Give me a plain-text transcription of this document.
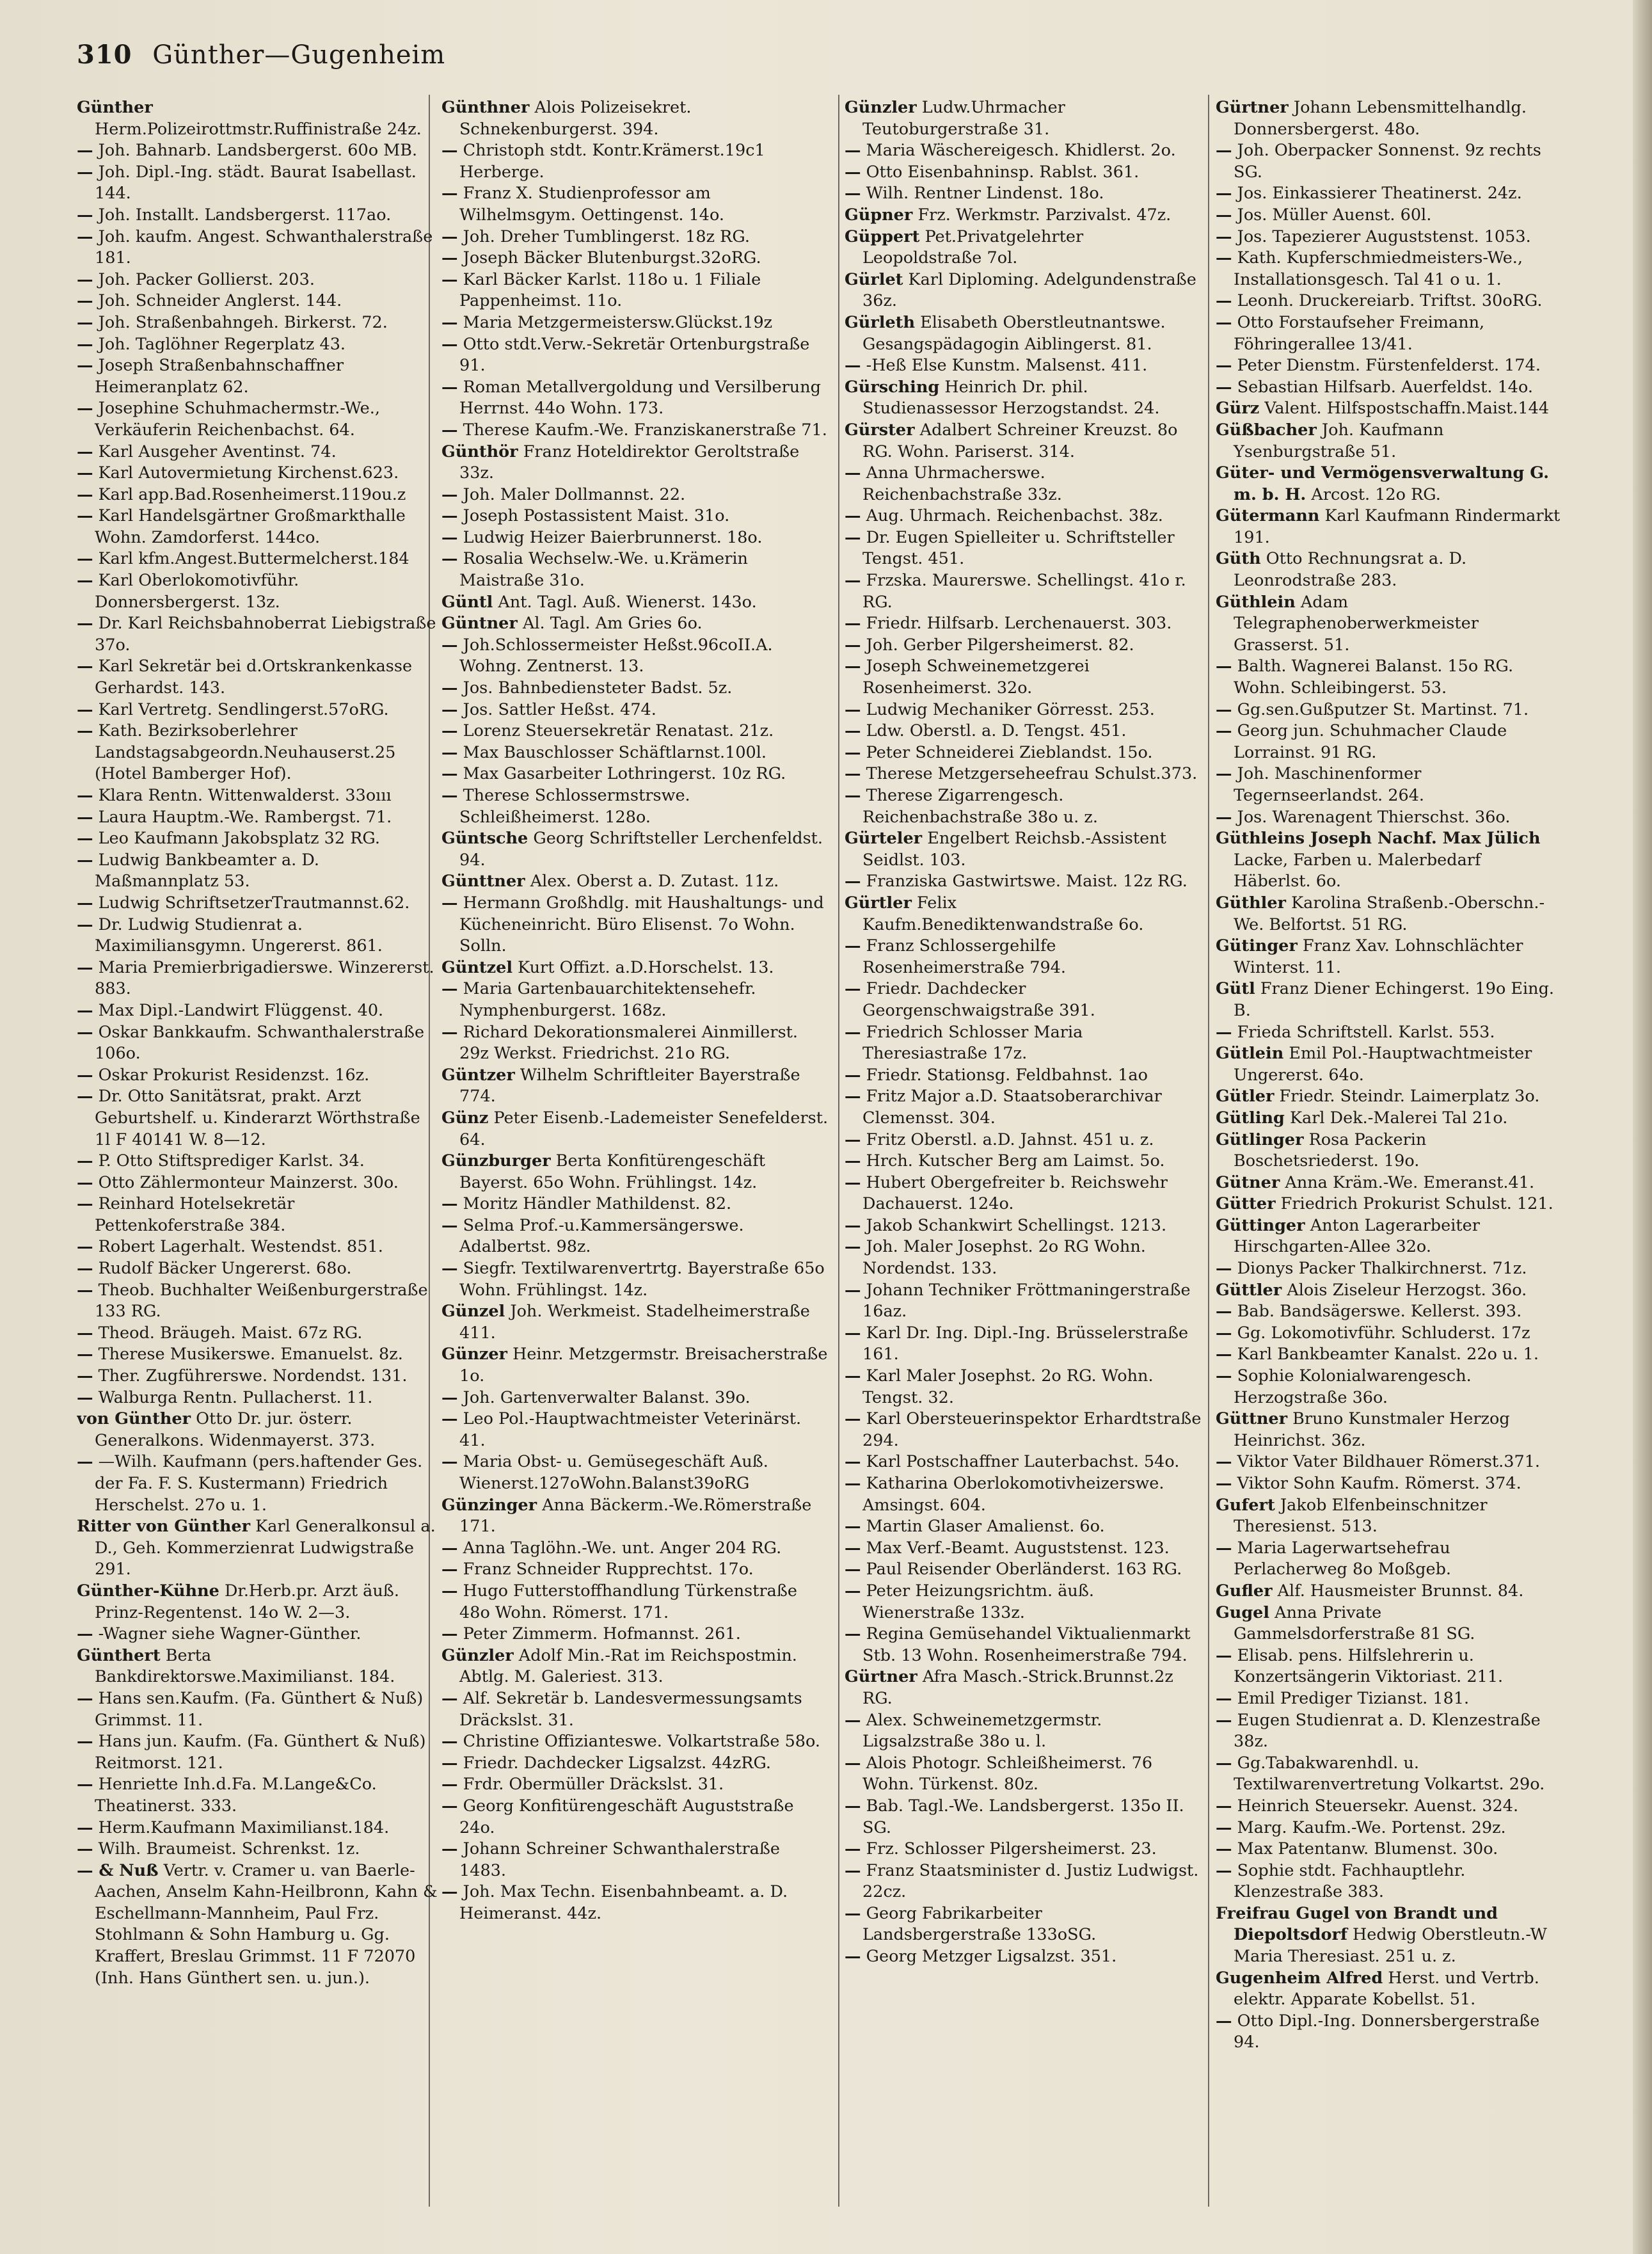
310 Günther—Gugenheim

Günther Herm.Polizeirottmstr.Ruffinistraße 24z.

— Joh. Bahnarb. Landsbergerst. 60o MB.

— Joh. Dipl.-Ing. städt. Baurat Isabellast. 144.

— Joh. Installt. Landsbergerst. 117ao.

— Joh. kaufm. Angest. Schwanthalerstraße 181.

— Joh. Packer Gollierst. 203.

— Joh. Schneider Anglerst. 144.

— Joh. Straßenbahngeh. Birkerst. 72.

— Joh. Taglöhner Regerplatz 43.

— Joseph Straßenbahnschaffner Heimeranplatz 62.

— Josephine Schuhmachermstr.-We., Verkäuferin Reichenbachst. 64.

— Karl Ausgeher Aventinst. 74.

— Karl Autovermietung Kirchenst.623.

— Karl app.Bad.Rosenheimerst.119ou.z

— Karl Handelsgärtner Großmarkthalle Wohn. Zamdorferst. 144co.

— Karl kfm.Angest.Buttermelcherst.184

— Karl Oberlokomotivführ. Donnersbergerst. 13z.

— Dr. Karl Reichsbahnoberrat Liebigstraße 37o.

— Karl Sekretär bei d.Ortskrankenkasse Gerhardst. 143.

— Karl Vertretg. Sendlingerst.57oRG.

— Kath. Bezirksoberlehrer Landstagsabgeordn.Neuhauserst.25 (Hotel Bamberger Hof).

— Klara Rentn. Wittenwalderst. 33oııı

— Laura Hauptm.-We. Rambergst. 71.

— Leo Kaufmann Jakobsplatz 32 RG.

— Ludwig Bankbeamter a. D. Maßmannplatz 53.

— Ludwig SchriftsetzerTrautmannst.62.

— Dr. Ludwig Studienrat a. Maximiliansgymn. Ungererst. 861.

— Maria Premierbrigadierswe. Winzererst. 883.

— Max Dipl.-Landwirt Flüggenst. 40.

— Oskar Bankkaufm. Schwanthalerstraße 106o.

— Oskar Prokurist Residenzst. 16z.

— Dr. Otto Sanitätsrat, prakt. Arzt Geburtshelf. u. Kinderarzt Wörthstraße 1l F 40141 W. 8—12.

— P. Otto Stiftsprediger Karlst. 34.

— Otto Zählermonteur Mainzerst. 30o.

— Reinhard Hotelsekretär Pettenkoferstraße 384.

— Robert Lagerhalt. Westendst. 851.

— Rudolf Bäcker Ungererst. 68o.

— Theob. Buchhalter Weißenburgerstraße 133 RG.

— Theod. Bräugeh. Maist. 67z RG.

— Therese Musikerswe. Emanuelst. 8z.

— Ther. Zugführerswe. Nordendst. 131.

— Walburga Rentn. Pullacherst. 11.

von Günther Otto Dr. jur. österr. Generalkons. Widenmayerst. 373.

— —Wilh. Kaufmann (pers.haftender Ges. der Fa. F. S. Kustermann) Friedrich Herschelst. 27o u. 1.

Ritter von Günther Karl Generalkonsul a. D., Geh. Kommerzienrat Ludwigstraße 291.

Günther-Kühne Dr.Herb.pr. Arzt äuß. Prinz-Regentenst. 14o W. 2—3.

— -Wagner siehe Wagner-Günther.

Günthert Berta Bankdirektorswe.Maximilianst. 184.

— Hans sen.Kaufm. (Fa. Günthert & Nuß) Grimmst. 11.

— Hans jun. Kaufm. (Fa. Günthert & Nuß) Reitmorst. 121.

— Henriette Inh.d.Fa. M.Lange&Co. Theatinerst. 333.

— Herm.Kaufmann Maximilianst.184.

— Wilh. Braumeist. Schrenkst. 1z.

— & Nuß Vertr. v. Cramer u. van Baerle-Aachen, Anselm Kahn-Heilbronn, Kahn & Eschellmann-Mannheim, Paul Frz. Stohlmann & Sohn Hamburg u. Gg. Kraffert, Breslau Grimmst. 11 F 72070 (Inh. Hans Günthert sen. u. jun.).

Günthner Alois Polizeisekret. Schnekenburgerst. 394.

— Christoph stdt. Kontr.Krämerst.19c1 Herberge.

— Franz X. Studienprofessor am Wilhelmsgym. Oettingenst. 14o.

— Joh. Dreher Tumblingerst. 18z RG.

— Joseph Bäcker Blutenburgst.32oRG.

— Karl Bäcker Karlst. 118o u. 1 Filiale Pappenheimst. 11o.

— Maria Metzgermeistersw.Glückst.19z

— Otto stdt.Verw.-Sekretär Ortenburgstraße 91.

— Roman Metallvergoldung und Versilberung Herrnst. 44o Wohn. 173.

— Therese Kaufm.-We. Franziskanerstraße 71.

Günthör Franz Hoteldirektor Geroltstraße 33z.

— Joh. Maler Dollmannst. 22.

— Joseph Postassistent Maist. 31o.

— Ludwig Heizer Baierbrunnerst. 18o.

— Rosalia Wechselw.-We. u.Krämerin Maistraße 31o.

Güntl Ant. Tagl. Auß. Wienerst. 143o.

Güntner Al. Tagl. Am Gries 6o.

— Joh.Schlossermeister Heßst.96coII.A. Wohng. Zentnerst. 13.

— Jos. Bahnbediensteter Badst. 5z.

— Jos. Sattler Heßst. 474.

— Lorenz Steuersekretär Renatast. 21z.

— Max Bauschlosser Schäftlarnst.100l.

— Max Gasarbeiter Lothringerst. 10z RG.

— Therese Schlossermstrswe. Schleißheimerst. 128o.

Güntsche Georg Schriftsteller Lerchenfeldst. 94.

Günttner Alex. Oberst a. D. Zutast. 11z.

— Hermann Großhdlg. mit Haushaltungs- und Kücheneinricht. Büro Elisenst. 7o Wohn. Solln.

Güntzel Kurt Offizt. a.D.Horschelst. 13.

— Maria Gartenbauarchitektensehefr. Nymphenburgerst. 168z.

— Richard Dekorationsmalerei Ainmillerst. 29z Werkst. Friedrichst. 21o RG.

Güntzer Wilhelm Schriftleiter Bayerstraße 774.

Günz Peter Eisenb.-Lademeister Senefelderst. 64.

Günzburger Berta Konfitürengeschäft Bayerst. 65o Wohn. Frühlingst. 14z.

— Moritz Händler Mathildenst. 82.

— Selma Prof.-u.Kammersängerswe. Adalbertst. 98z.

— Siegfr. Textilwarenvertrtg. Bayerstraße 65o Wohn. Frühlingst. 14z.

Günzel Joh. Werkmeist. Stadelheimerstraße 411.

Günzer Heinr. Metzgermstr. Breisacherstraße 1o.

— Joh. Gartenverwalter Balanst. 39o.

— Leo Pol.-Hauptwachtmeister Veterinärst. 41.

— Maria Obst- u. Gemüsegeschäft Auß. Wienerst.127oWohn.Balanst39oRG

Günzinger Anna Bäckerm.-We.Römerstraße 171.

— Anna Taglöhn.-We. unt. Anger 204 RG.

— Franz Schneider Rupprechtst. 17o.

— Hugo Futterstoffhandlung Türkenstraße 48o Wohn. Römerst. 171.

— Peter Zimmerm. Hofmannst. 261.

Günzler Adolf Min.-Rat im Reichspostmin. Abtlg. M. Galeriest. 313.

— Alf. Sekretär b. Landesvermessungsamts Dräckslst. 31.

— Christine Offizianteswe. Volkartstraße 58o.

— Friedr. Dachdecker Ligsalzst. 44zRG.

— Frdr. Obermüller Dräckslst. 31.

— Georg Konfitürengeschäft Auguststraße 24o.

— Johann Schreiner Schwanthalerstraße 1483.

— Joh. Max Techn. Eisenbahnbeamt. a. D. Heimeranst. 44z.

Günzler Ludw.Uhrmacher Teutoburgerstraße 31.

— Maria Wäschereigesch. Khidlerst. 2o.

— Otto Eisenbahninsp. Rablst. 361.

— Wilh. Rentner Lindenst. 18o.

Güpner Frz. Werkmstr. Parzivalst. 47z.

Güppert Pet.Privatgelehrter Leopoldstraße 7ol.

Gürlet Karl Diploming. Adelgundenstraße 36z.

Gürleth Elisabeth Oberstleutnantswe. Gesangspädagogin Aiblingerst. 81.

— -Heß Else Kunstm. Malsenst. 411.

Gürsching Heinrich Dr. phil. Studienassessor Herzogstandst. 24.

Gürster Adalbert Schreiner Kreuzst. 8o RG. Wohn. Pariserst. 314.

— Anna Uhrmacherswe. Reichenbachstraße 33z.

— Aug. Uhrmach. Reichenbachst. 38z.

— Dr. Eugen Spielleiter u. Schriftsteller Tengst. 451.

— Frzska. Maurerswe. Schellingst. 41o r. RG.

— Friedr. Hilfsarb. Lerchenauerst. 303.

— Joh. Gerber Pilgersheimerst. 82.

— Joseph Schweinemetzgerei Rosenheimerst. 32o.

— Ludwig Mechaniker Görresst. 253.

— Ldw. Oberstl. a. D. Tengst. 451.

— Peter Schneiderei Zieblandst. 15o.

— Therese Metzgerseheefrau Schulst.373.

— Therese Zigarrengesch. Reichenbachstraße 38o u. z.

Gürteler Engelbert Reichsb.-Assistent Seidlst. 103.

— Franziska Gastwirtswe. Maist. 12z RG.

Gürtler Felix Kaufm.Benediktenwandstraße 6o.

— Franz Schlossergehilfe Rosenheimerstraße 794.

— Friedr. Dachdecker Georgenschwaigstraße 391.

— Friedrich Schlosser Maria Theresiastraße 17z.

— Friedr. Stationsg. Feldbahnst. 1ao

— Fritz Major a.D. Staatsoberarchivar Clemensst. 304.

— Fritz Oberstl. a.D. Jahnst. 451 u. z.

— Hrch. Kutscher Berg am Laimst. 5o.

— Hubert Obergefreiter b. Reichswehr Dachauerst. 124o.

— Jakob Schankwirt Schellingst. 1213.

— Joh. Maler Josephst. 2o RG Wohn. Nordendst. 133.

— Johann Techniker Fröttmaningerstraße 16az.

— Karl Dr. Ing. Dipl.-Ing. Brüsselerstraße 161.

— Karl Maler Josephst. 2o RG. Wohn. Tengst. 32.

— Karl Obersteuerinspektor Erhardtstraße 294.

— Karl Postschaffner Lauterbachst. 54o.

— Katharina Oberlokomotivheizerswe. Amsingst. 604.

— Martin Glaser Amalienst. 6o.

— Max Verf.-Beamt. Auguststenst. 123.

— Paul Reisender Oberländerst. 163 RG.

— Peter Heizungsrichtm. äuß. Wienerstraße 133z.

— Regina Gemüsehandel Viktualienmarkt Stb. 13 Wohn. Rosenheimerstraße 794.

Gürtner Afra Masch.-Strick.Brunnst.2z RG.

— Alex. Schweinemetzgermstr. Ligsalzstraße 38o u. l.

— Alois Photogr. Schleißheimerst. 76 Wohn. Türkenst. 80z.

— Bab. Tagl.-We. Landsbergerst. 135o II. SG.

— Frz. Schlosser Pilgersheimerst. 23.

— Franz Staatsminister d. Justiz Ludwigst. 22cz.

— Georg Fabrikarbeiter Landsbergerstraße 133oSG.

— Georg Metzger Ligsalzst. 351.

Gürtner Johann Lebensmittelhandlg. Donnersbergerst. 48o.

— Joh. Oberpacker Sonnenst. 9z rechts SG.

— Jos. Einkassierer Theatinerst. 24z.

— Jos. Müller Auenst. 60l.

— Jos. Tapezierer Auguststenst. 1053.

— Kath. Kupferschmiedmeisters-We., Installationsgesch. Tal 41 o u. 1.

— Leonh. Druckereiarb. Triftst. 30oRG.

— Otto Forstaufseher Freimann, Föhringerallee 13/41.

— Peter Dienstm. Fürstenfelderst. 174.

— Sebastian Hilfsarb. Auerfeldst. 14o.

Gürz Valent. Hilfspostschaffn.Maist.144

Güßbacher Joh. Kaufmann Ysenburgstraße 51.

Güter- und Vermögensverwaltung G. m. b. H. Arcost. 12o RG.

Gütermann Karl Kaufmann Rindermarkt 191.

Güth Otto Rechnungsrat a. D. Leonrodstraße 283.

Güthlein Adam Telegraphenoberwerkmeister Grasserst. 51.

— Balth. Wagnerei Balanst. 15o RG. Wohn. Schleibingerst. 53.

— Gg.sen.Gußputzer St. Martinst. 71.

— Georg jun. Schuhmacher Claude Lorrainst. 91 RG.

— Joh. Maschinenformer Tegernseerlandst. 264.

— Jos. Warenagent Thierschst. 36o.

Güthleins Joseph Nachf. Max Jülich Lacke, Farben u. Malerbedarf Häberlst. 6o.

Güthler Karolina Straßenb.-Oberschn.-We. Belfortst. 51 RG.

Gütinger Franz Xav. Lohnschlächter Winterst. 11.

Gütl Franz Diener Echingerst. 19o Eing. B.

— Frieda Schriftstell. Karlst. 553.

Gütlein Emil Pol.-Hauptwachtmeister Ungererst. 64o.

Gütler Friedr. Steindr. Laimerplatz 3o.

Gütling Karl Dek.-Malerei Tal 21o.

Gütlinger Rosa Packerin Boschetsriederst. 19o.

Gütner Anna Kräm.-We. Emeranst.41.

Gütter Friedrich Prokurist Schulst. 121.

Güttinger Anton Lagerarbeiter Hirschgarten-Allee 32o.

— Dionys Packer Thalkirchnerst. 71z.

Güttler Alois Ziseleur Herzogst. 36o.

— Bab. Bandsägerswe. Kellerst. 393.

— Gg. Lokomotivführ. Schluderst. 17z

— Karl Bankbeamter Kanalst. 22o u. 1.

— Sophie Kolonialwarengesch. Herzogstraße 36o.

Güttner Bruno Kunstmaler Herzog Heinrichst. 36z.

— Viktor Vater Bildhauer Römerst.371.

— Viktor Sohn Kaufm. Römerst. 374.

Gufert Jakob Elfenbeinschnitzer Theresienst. 513.

— Maria Lagerwartsehefrau Perlacherweg 8o Moßgeb.

Gufler Alf. Hausmeister Brunnst. 84.

Gugel Anna Private Gammelsdorferstraße 81 SG.

— Elisab. pens. Hilfslehrerin u. Konzertsängerin Viktoriast. 211.

— Emil Prediger Tizianst. 181.

— Eugen Studienrat a. D. Klenzestraße 38z.

— Gg.Tabakwarenhdl. u. Textilwarenvertretung Volkartst. 29o.

— Heinrich Steuersekr. Auenst. 324.

— Marg. Kaufm.-We. Portenst. 29z.

— Max Patentanw. Blumenst. 30o.

— Sophie stdt. Fachhauptlehr. Klenzestraße 383.

Freifrau Gugel von Brandt und Diepoltsdorf Hedwig Oberstleutn.-W Maria Theresiast. 251 u. z.

Gugenheim Alfred Herst. und Vertrb. elektr. Apparate Kobellst. 51.

— Otto Dipl.-Ing. Donnersbergerstraße 94.
